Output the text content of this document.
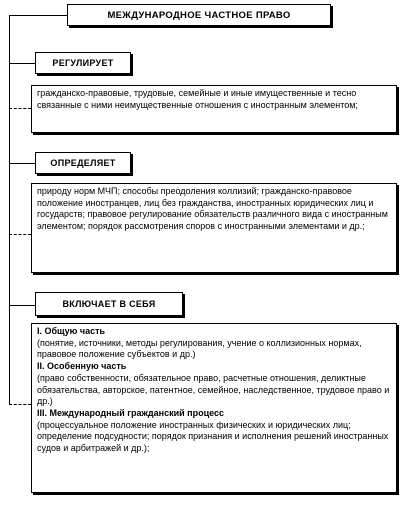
МЕЖДУНАРОДНОЕ ЧАСТНОЕ ПРАВО
РЕГУЛИРУЕТ

гражданско-правовые, трудовые, семейные и иные имущественные и тесно связанные с ними неимущественные отношения с иностранным элементом;

ОПРЕДЕЛЯЕТ

природу норм МЧП; способы преодоления коллизий; гражданско-правовое положение иностранцев, лиц без гражданства, иностранных юридических лиц и государств; правовое регулирование обязательств различного вида с иностранным элементом; порядок рассмотрения споров с иностранными элементами и др.;

ВКЛЮЧАЕТ В СЕБЯ

I. Общую часть

(понятие, источники, методы регулирования, учение о коллизионных нормах, правовое положение субъектов и др.)

II. Особенную часть

(право собственности, обязательное право, расчетные отношения, деликтные обязательства, авторское, патентное, семейное, наследственное, трудовое право и др.)

III. Международный гражданский процесс

(процессуальное положение иностранных физических и юридических лиц; определение подсудности; порядок признания и исполнения решений иностранных судов и арбитражей и др.);
